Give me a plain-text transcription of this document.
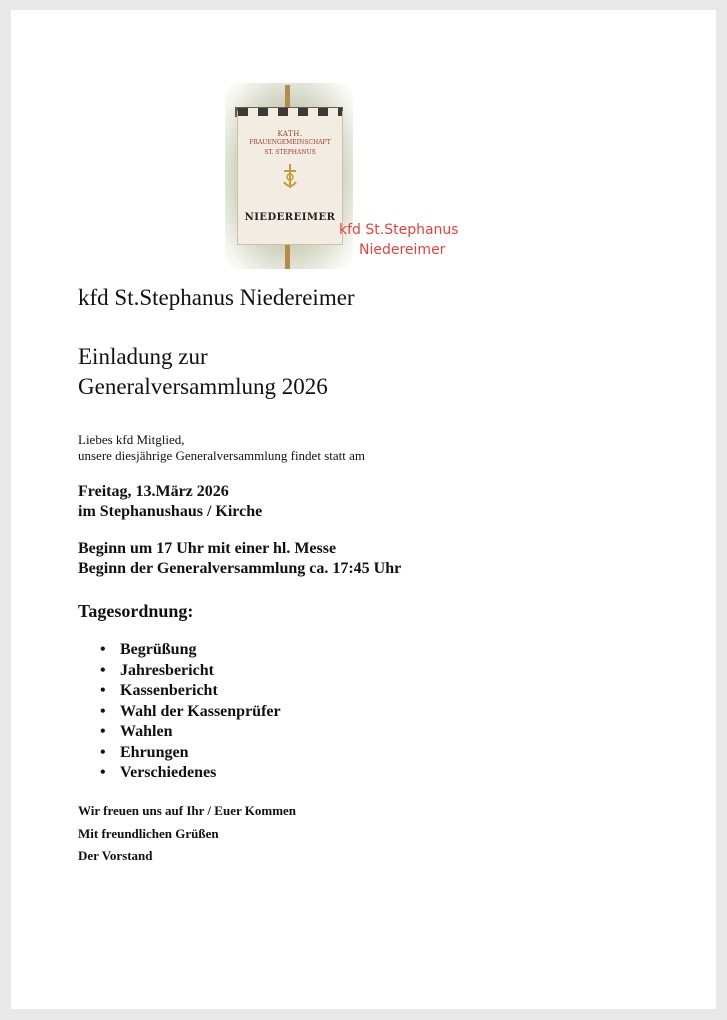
KATH.
FRAUENGEMEINSCHAFT
ST. STEPHANUS
NIEDEREIMER
kfd St.Stephanus
Niedereimer
kfd St.Stephanus Niedereimer
Einladung zur
Generalversammlung 2026
Liebes kfd Mitglied,
unsere diesjährige Generalversammlung findet statt am
Freitag, 13.März 2026
im Stephanushaus / Kirche
Beginn um 17 Uhr mit einer hl. Messe
Beginn der Generalversammlung ca. 17:45 Uhr
Tagesordnung:
• Begrüßung
• Jahresbericht
• Kassenbericht
• Wahl der Kassenprüfer
• Wahlen
• Ehrungen
• Verschiedenes
Wir freuen uns auf Ihr / Euer Kommen
Mit freundlichen Grüßen
Der Vorstand
